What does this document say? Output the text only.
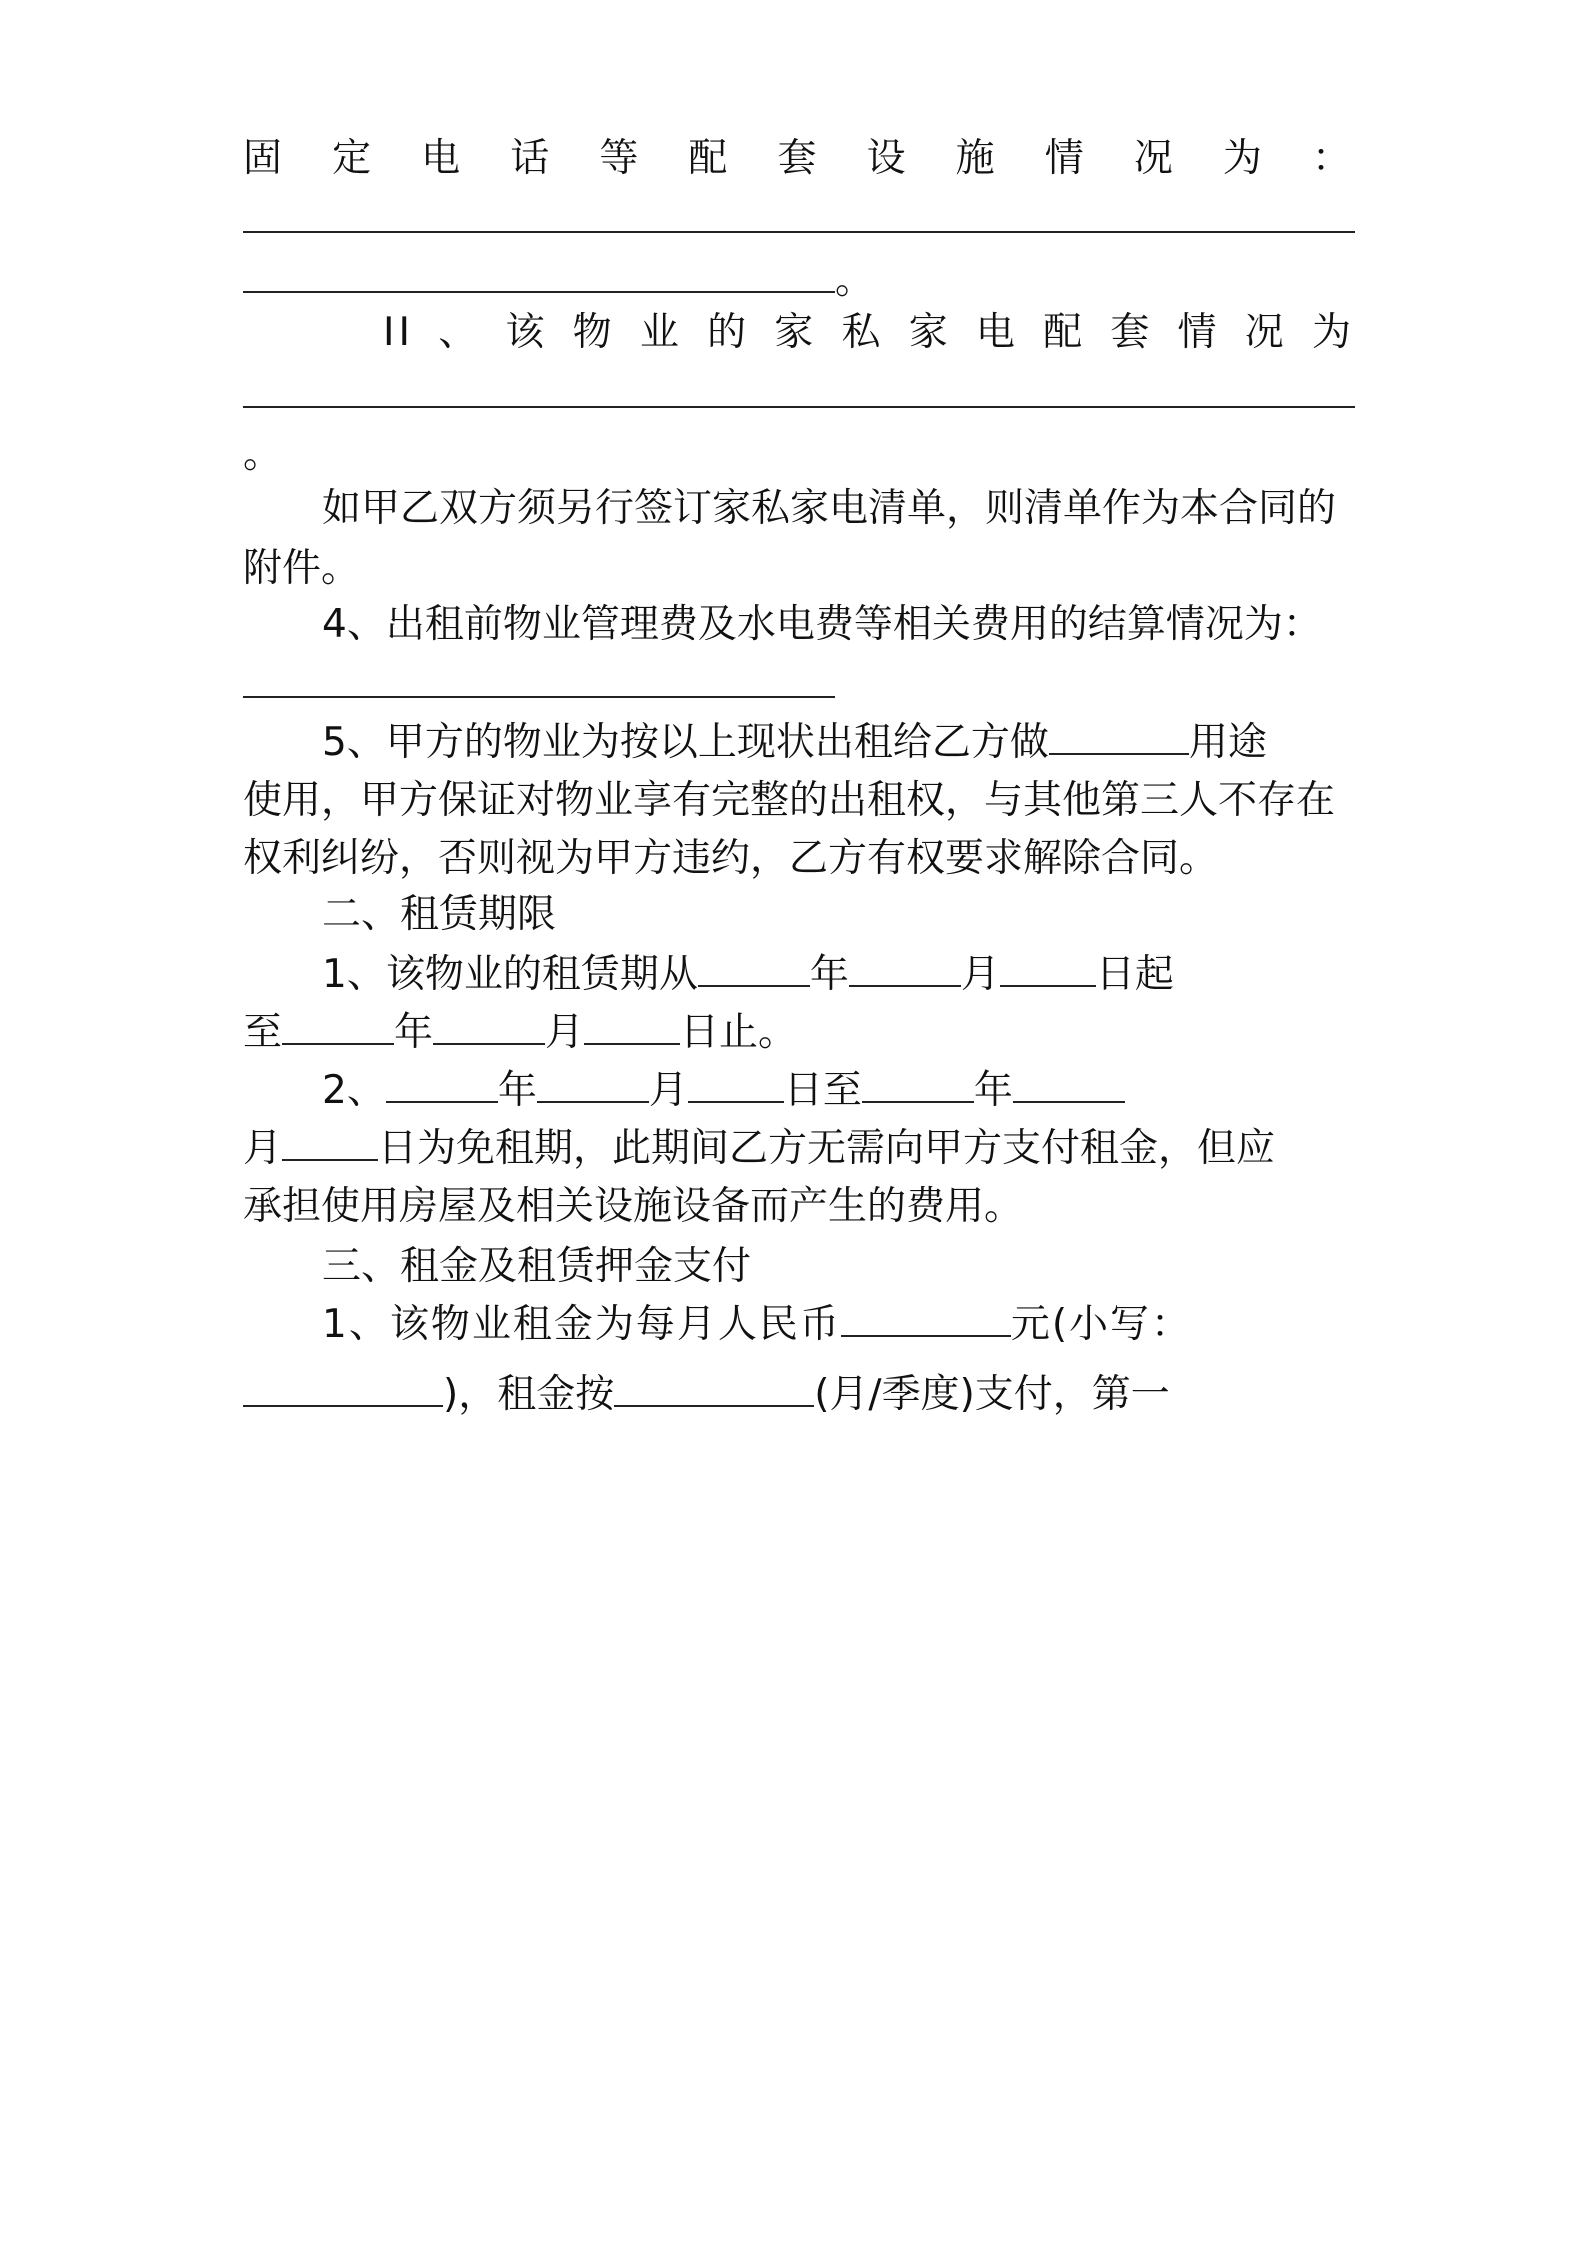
固定电话等配套设施情况为：
。
II、该物业的家私家电配套情况为
。
如甲乙双方须另行签订家私家电清单，则清单作为本合同的
附件。
4、出租前物业管理费及水电费等相关费用的结算情况为：
5、甲方的物业为按以上现状出租给乙方做	用途
使用，甲方保证对物业享有完整的出租权，与其他第三人不存在
权利纠纷，否则视为甲方违约，乙方有权要求解除合同。
二、租赁期限
1、该物业的租赁期从	年	月 日起
至	年	月 日止。
2、	年	月 日至	年
月 日为免租期，此期间乙方无需向甲方支付租金，但应
承担使用房屋及相关设施设备而产生的费用。
三、租金及租赁押金支付
1、该物业租金为每月人民币	元(小写：
)，租金按	(月/季度)支付，第一
